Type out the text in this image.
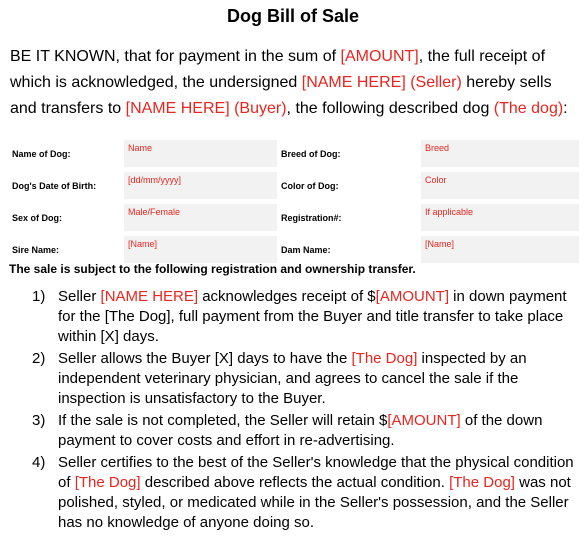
Dog Bill of Sale

BE IT KNOWN, that for payment in the sum of [AMOUNT], the full receipt of which is acknowledged, the undersigned [NAME HERE] (Seller) hereby sells and transfers to [NAME HERE] (Buyer), the following described dog (The dog):

Name of Dog:	Name	Breed of Dog:	Breed
Dog's Date of Birth:	[dd/mm/yyyy]	Color of Dog:	Color
Sex of Dog:	Male/Female	Registration#:	If applicable
Sire Name:	[Name]	Dam Name:	[Name]
The sale is subject to the following registration and ownership transfer.
1) Seller [NAME HERE] acknowledges receipt of $[AMOUNT] in down payment for the [The Dog], full payment from the Buyer and title transfer to take place within [X] days.
2) Seller allows the Buyer [X] days to have the [The Dog] inspected by an independent veterinary physician, and agrees to cancel the sale if the inspection is unsatisfactory to the Buyer.
3) If the sale is not completed, the Seller will retain $[AMOUNT] of the down payment to cover costs and effort in re-advertising.
4) Seller certifies to the best of the Seller's knowledge that the physical condition of [The Dog] described above reflects the actual condition. [The Dog] was not polished, styled, or medicated while in the Seller's possession, and the Seller has no knowledge of anyone doing so.
